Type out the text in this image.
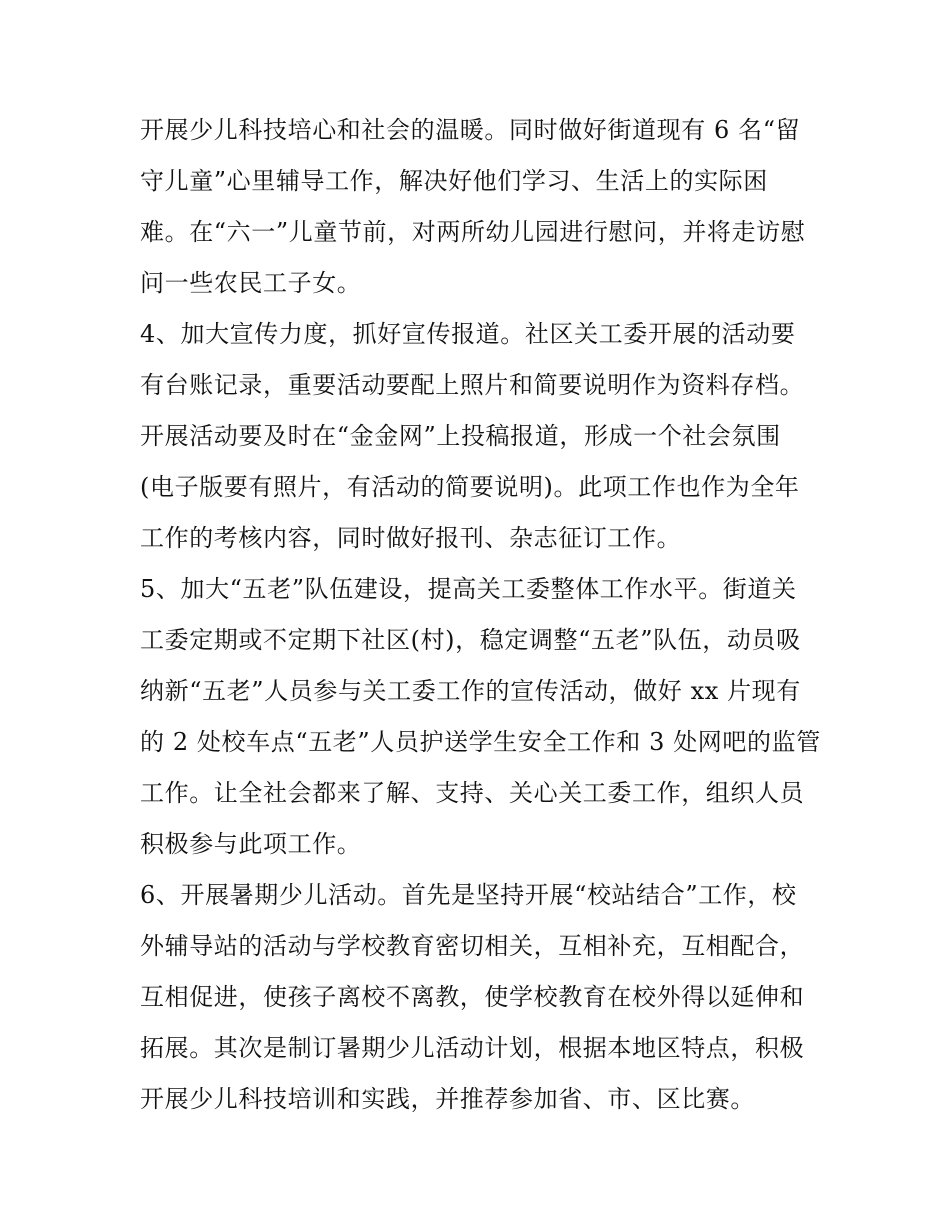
开展少儿科技培心和社会的温暖。同时做好街道现有 6 名“留
守儿童”心里辅导工作，解决好他们学习、生活上的实际困
难。在“六一”儿童节前，对两所幼儿园进行慰问，并将走访慰
问一些农民工子女。
4、加大宣传力度，抓好宣传报道。社区关工委开展的活动要
有台账记录，重要活动要配上照片和简要说明作为资料存档。
开展活动要及时在“金金网”上投稿报道，形成一个社会氛围
(电子版要有照片，有活动的简要说明)。此项工作也作为全年
工作的考核内容，同时做好报刊、杂志征订工作。
5、加大“五老”队伍建设，提高关工委整体工作水平。街道关
工委定期或不定期下社区(村)，稳定调整“五老”队伍，动员吸
纳新“五老”人员参与关工委工作的宣传活动，做好 xx 片现有
的 2 处校车点“五老”人员护送学生安全工作和 3 处网吧的监管
工作。让全社会都来了解、支持、关心关工委工作，组织人员
积极参与此项工作。
6、开展暑期少儿活动。首先是坚持开展“校站结合”工作，校
外辅导站的活动与学校教育密切相关，互相补充，互相配合，
互相促进，使孩子离校不离教，使学校教育在校外得以延伸和
拓展。其次是制订暑期少儿活动计划，根据本地区特点，积极
开展少儿科技培训和实践，并推荐参加省、市、区比赛。
